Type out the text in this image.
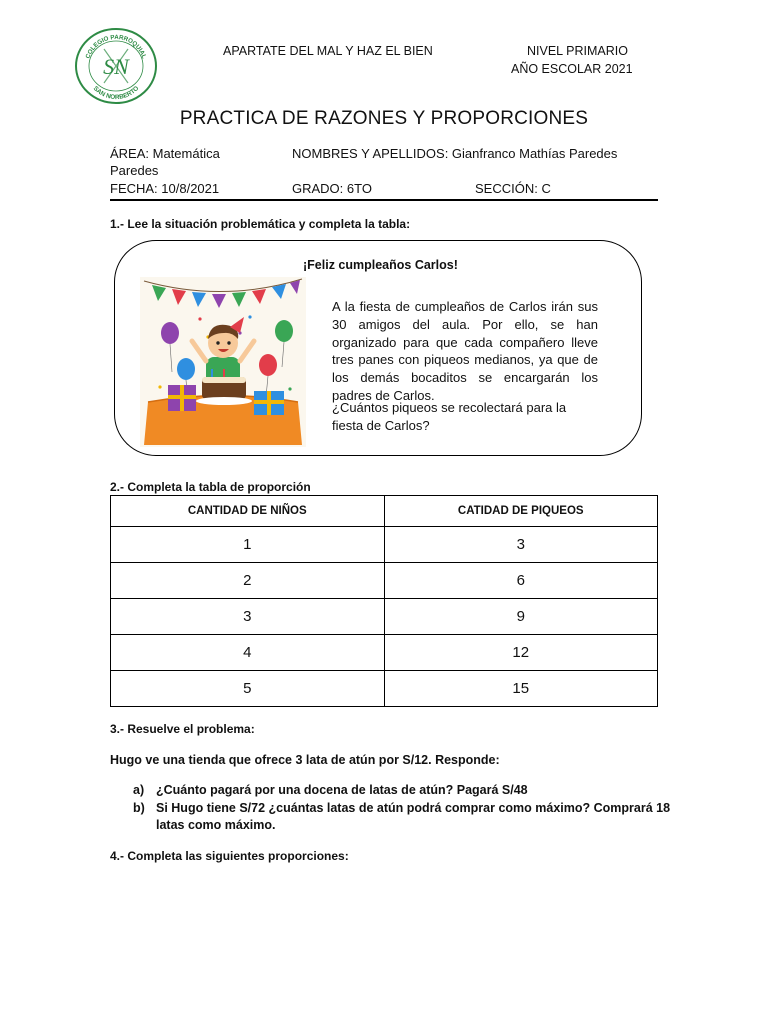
COLEGIO PARROQUIAL
SAN NORBERTO
SN
APARTATE DEL MAL Y HAZ EL BIEN	NIVEL PRIMARIO
AÑO ESCOLAR 2021
PRACTICA DE RAZONES Y PROPORCIONES
ÁREA: Matemática
Paredes
NOMBRES Y APELLIDOS: Gianfranco Mathías Paredes
FECHA: 10/8/2021	GRADO: 6TO	SECCIÓN: C
1.- Lee la situación problemática y completa la tabla:
¡Feliz cumpleaños Carlos!
A la fiesta de cumpleaños de Carlos irán sus 30 amigos del aula. Por ello, se han organizado para que cada compañero lleve tres panes con piqueos medianos, ya que de los demás bocaditos se encargarán los padres de Carlos.
¿Cuántos piqueos se recolectará para la fiesta de Carlos?
2.- Completa la tabla de proporción
CANTIDAD DE NIÑOS	CATIDAD DE PIQUEOS
1	3
2	6
3	9
4	12
5	15
3.- Resuelve el problema:
Hugo ve una tienda que ofrece 3 lata de atún por S/12. Responde:
a) ¿Cuánto pagará por una docena de latas de atún? Pagará S/48
b) Si Hugo tiene S/72 ¿cuántas latas de atún podrá comprar como máximo? Comprará 18
latas como máximo.
4.- Completa las siguientes proporciones:
